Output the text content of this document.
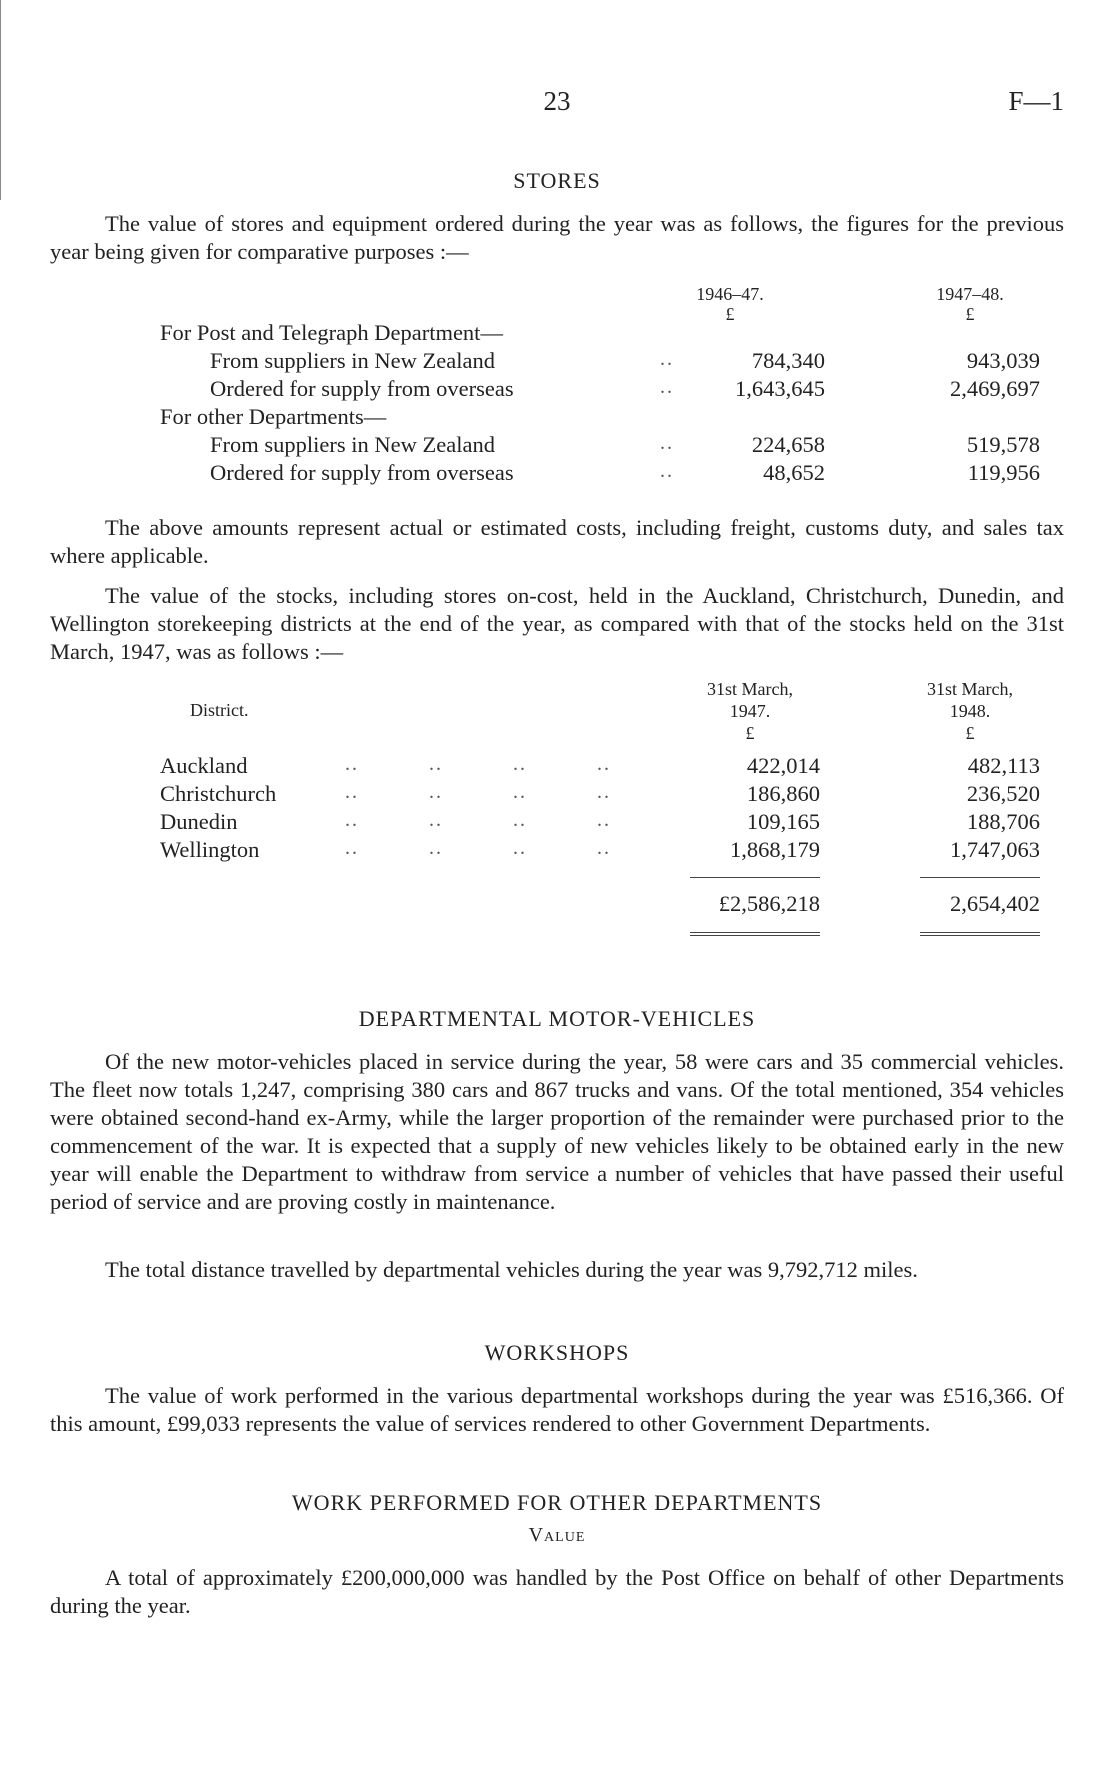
23	F—1
STORES
The value of stores and equipment ordered during the year was as follows, the figures for the previous year being given for comparative purposes :—
1946–47.	1947–48.
£	£
For Post and Telegraph Department—
From suppliers in New Zealand	..	784,340	943,039
Ordered for supply from overseas	..	1,643,645	2,469,697
For other Departments—
From suppliers in New Zealand	..	224,658	519,578
Ordered for supply from overseas	..	48,652	119,956
The above amounts represent actual or estimated costs, including freight, customs duty, and sales tax where applicable.
The value of the stocks, including stores on-cost, held in the Auckland, Christchurch, Dunedin, and Wellington storekeeping districts at the end of the year, as compared with that of the stocks held on the 31st March, 1947, was as follows :—
31st March,	31st March,
District.	1947.	1948.
£	£
Auckland	..          ..          ..          ..	422,014	482,113
Christchurch	..          ..          ..          ..	186,860	236,520
Dunedin	..          ..          ..          ..	109,165	188,706
Wellington	..          ..          ..          ..	1,868,179	1,747,063
£2,586,218	2,654,402
DEPARTMENTAL MOTOR-VEHICLES
Of the new motor-vehicles placed in service during the year, 58 were cars and 35 commercial vehicles. The fleet now totals 1,247, comprising 380 cars and 867 trucks and vans. Of the total mentioned, 354 vehicles were obtained second-hand ex-Army, while the larger proportion of the remainder were purchased prior to the commencement of the war. It is expected that a supply of new vehicles likely to be obtained early in the new year will enable the Department to withdraw from service a number of vehicles that have passed their useful period of service and are proving costly in maintenance.
The total distance travelled by departmental vehicles during the year was 9,792,712 miles.
WORKSHOPS
The value of work performed in the various departmental workshops during the year was £516,366. Of this amount, £99,033 represents the value of services rendered to other Government Departments.
WORK PERFORMED FOR OTHER DEPARTMENTS
Value
A total of approximately £200,000,000 was handled by the Post Office on behalf of other Departments during the year.
